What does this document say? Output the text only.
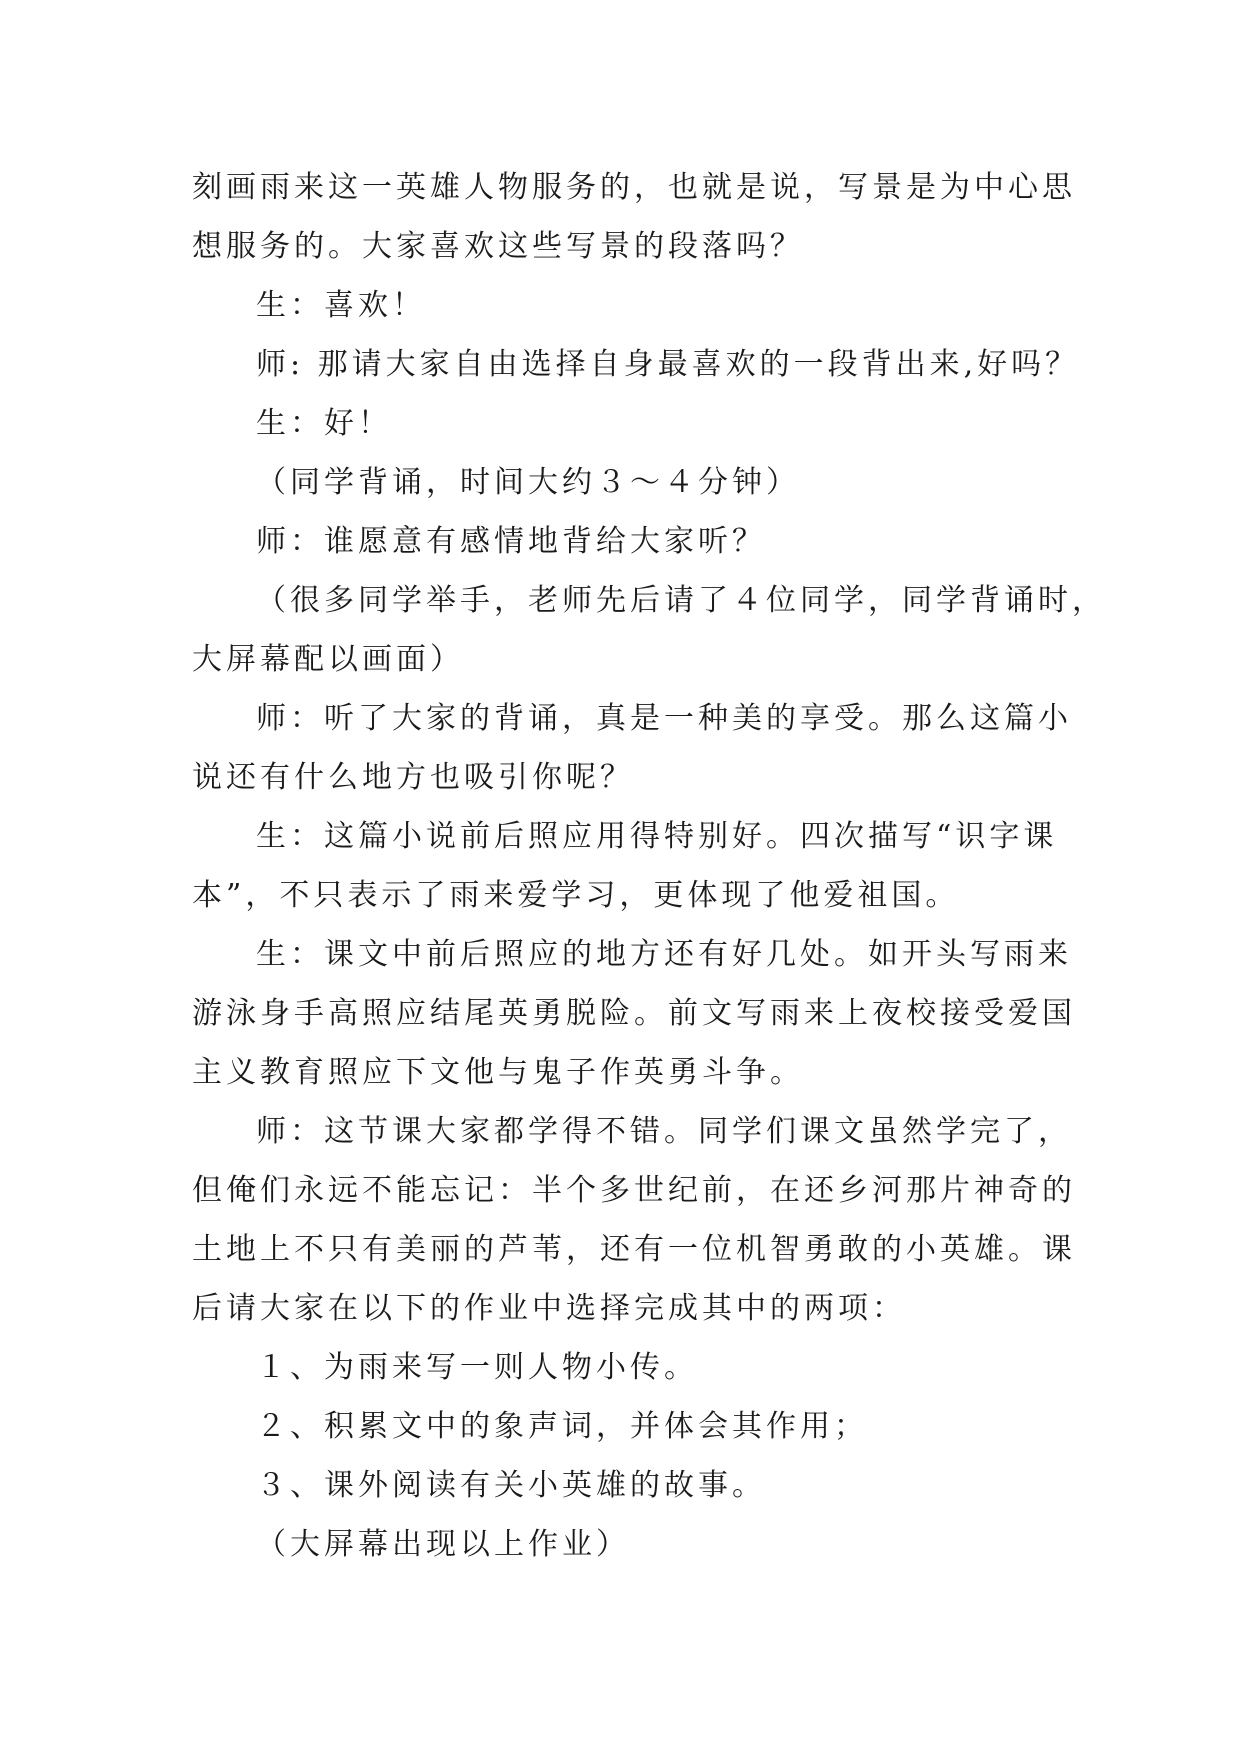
刻画雨来这一英雄人物服务的，也就是说，写景是为中心思

想服务的。大家喜欢这些写景的段落吗？

生：喜欢！

师: 那请大家自由选择自身最喜欢的一段背出来,好吗？

生：好！

（同学背诵，时间大约３～４分钟）

师：谁愿意有感情地背给大家听？

（很多同学举手，老师先后请了４位同学，同学背诵时，

大屏幕配以画面）

师：听了大家的背诵，真是一种美的享受。那么这篇小

说还有什么地方也吸引你呢？

生：这篇小说前后照应用得特别好。四次描写“识字课

本”，不只表示了雨来爱学习，更体现了他爱祖国。

生：课文中前后照应的地方还有好几处。如开头写雨来

游泳身手高照应结尾英勇脱险。前文写雨来上夜校接受爱国

主义教育照应下文他与鬼子作英勇斗争。

师：这节课大家都学得不错。同学们课文虽然学完了，

但俺们永远不能忘记：半个多世纪前，在还乡河那片神奇的

土地上不只有美丽的芦苇，还有一位机智勇敢的小英雄。课

后请大家在以下的作业中选择完成其中的两项：

１、为雨来写一则人物小传。

２、积累文中的象声词，并体会其作用；

３、课外阅读有关小英雄的故事。

（大屏幕出现以上作业）
